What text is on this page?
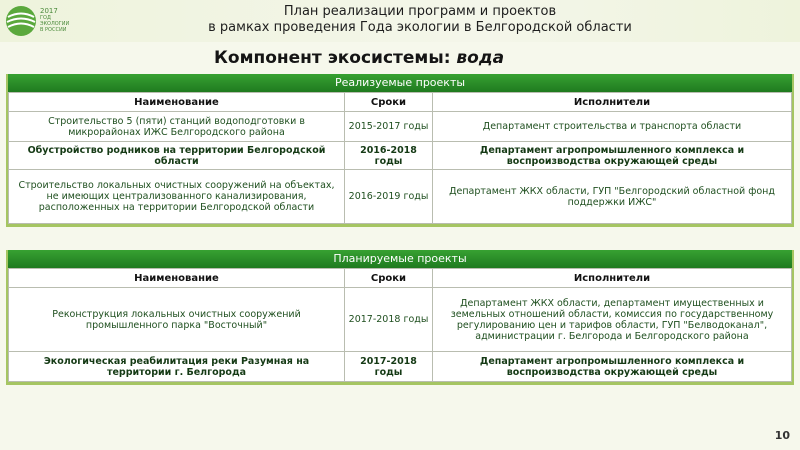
2017
ГОД ЭКОЛОГИИ
В РОССИИ
План реализации программ и проектов
в рамках проведения Года экологии в Белгородской области
Компонент экосистемы: вода
Реализуемые проекты
Наименование	Сроки	Исполнители
Строительство 5 (пяти) станций водоподготовки в микрорайонах ИЖС Белгородского района	2015-2017 годы	Департамент строительства и транспорта области
Обустройство родников на территории Белгородской области	2016-2018 годы	Департамент агропромышленного комплекса и воспроизводства окружающей среды
Строительство локальных очистных сооружений на объектах, не имеющих централизованного канализирования, расположенных на территории Белгородской области	2016-2019 годы	Департамент ЖКХ области, ГУП "Белгородский областной фонд поддержки ИЖС"
Планируемые проекты
Наименование	Сроки	Исполнители
Реконструкция локальных очистных сооружений промышленного парка "Восточный"	2017-2018 годы	Департамент ЖКХ области, департамент имущественных и земельных отношений области, комиссия по государственному регулированию цен и тарифов области, ГУП "Белводоканал", администрации г. Белгорода и Белгородского района
Экологическая реабилитация реки Разумная на территории г. Белгорода	2017-2018 годы	Департамент агропромышленного комплекса и воспроизводства окружающей среды
10
